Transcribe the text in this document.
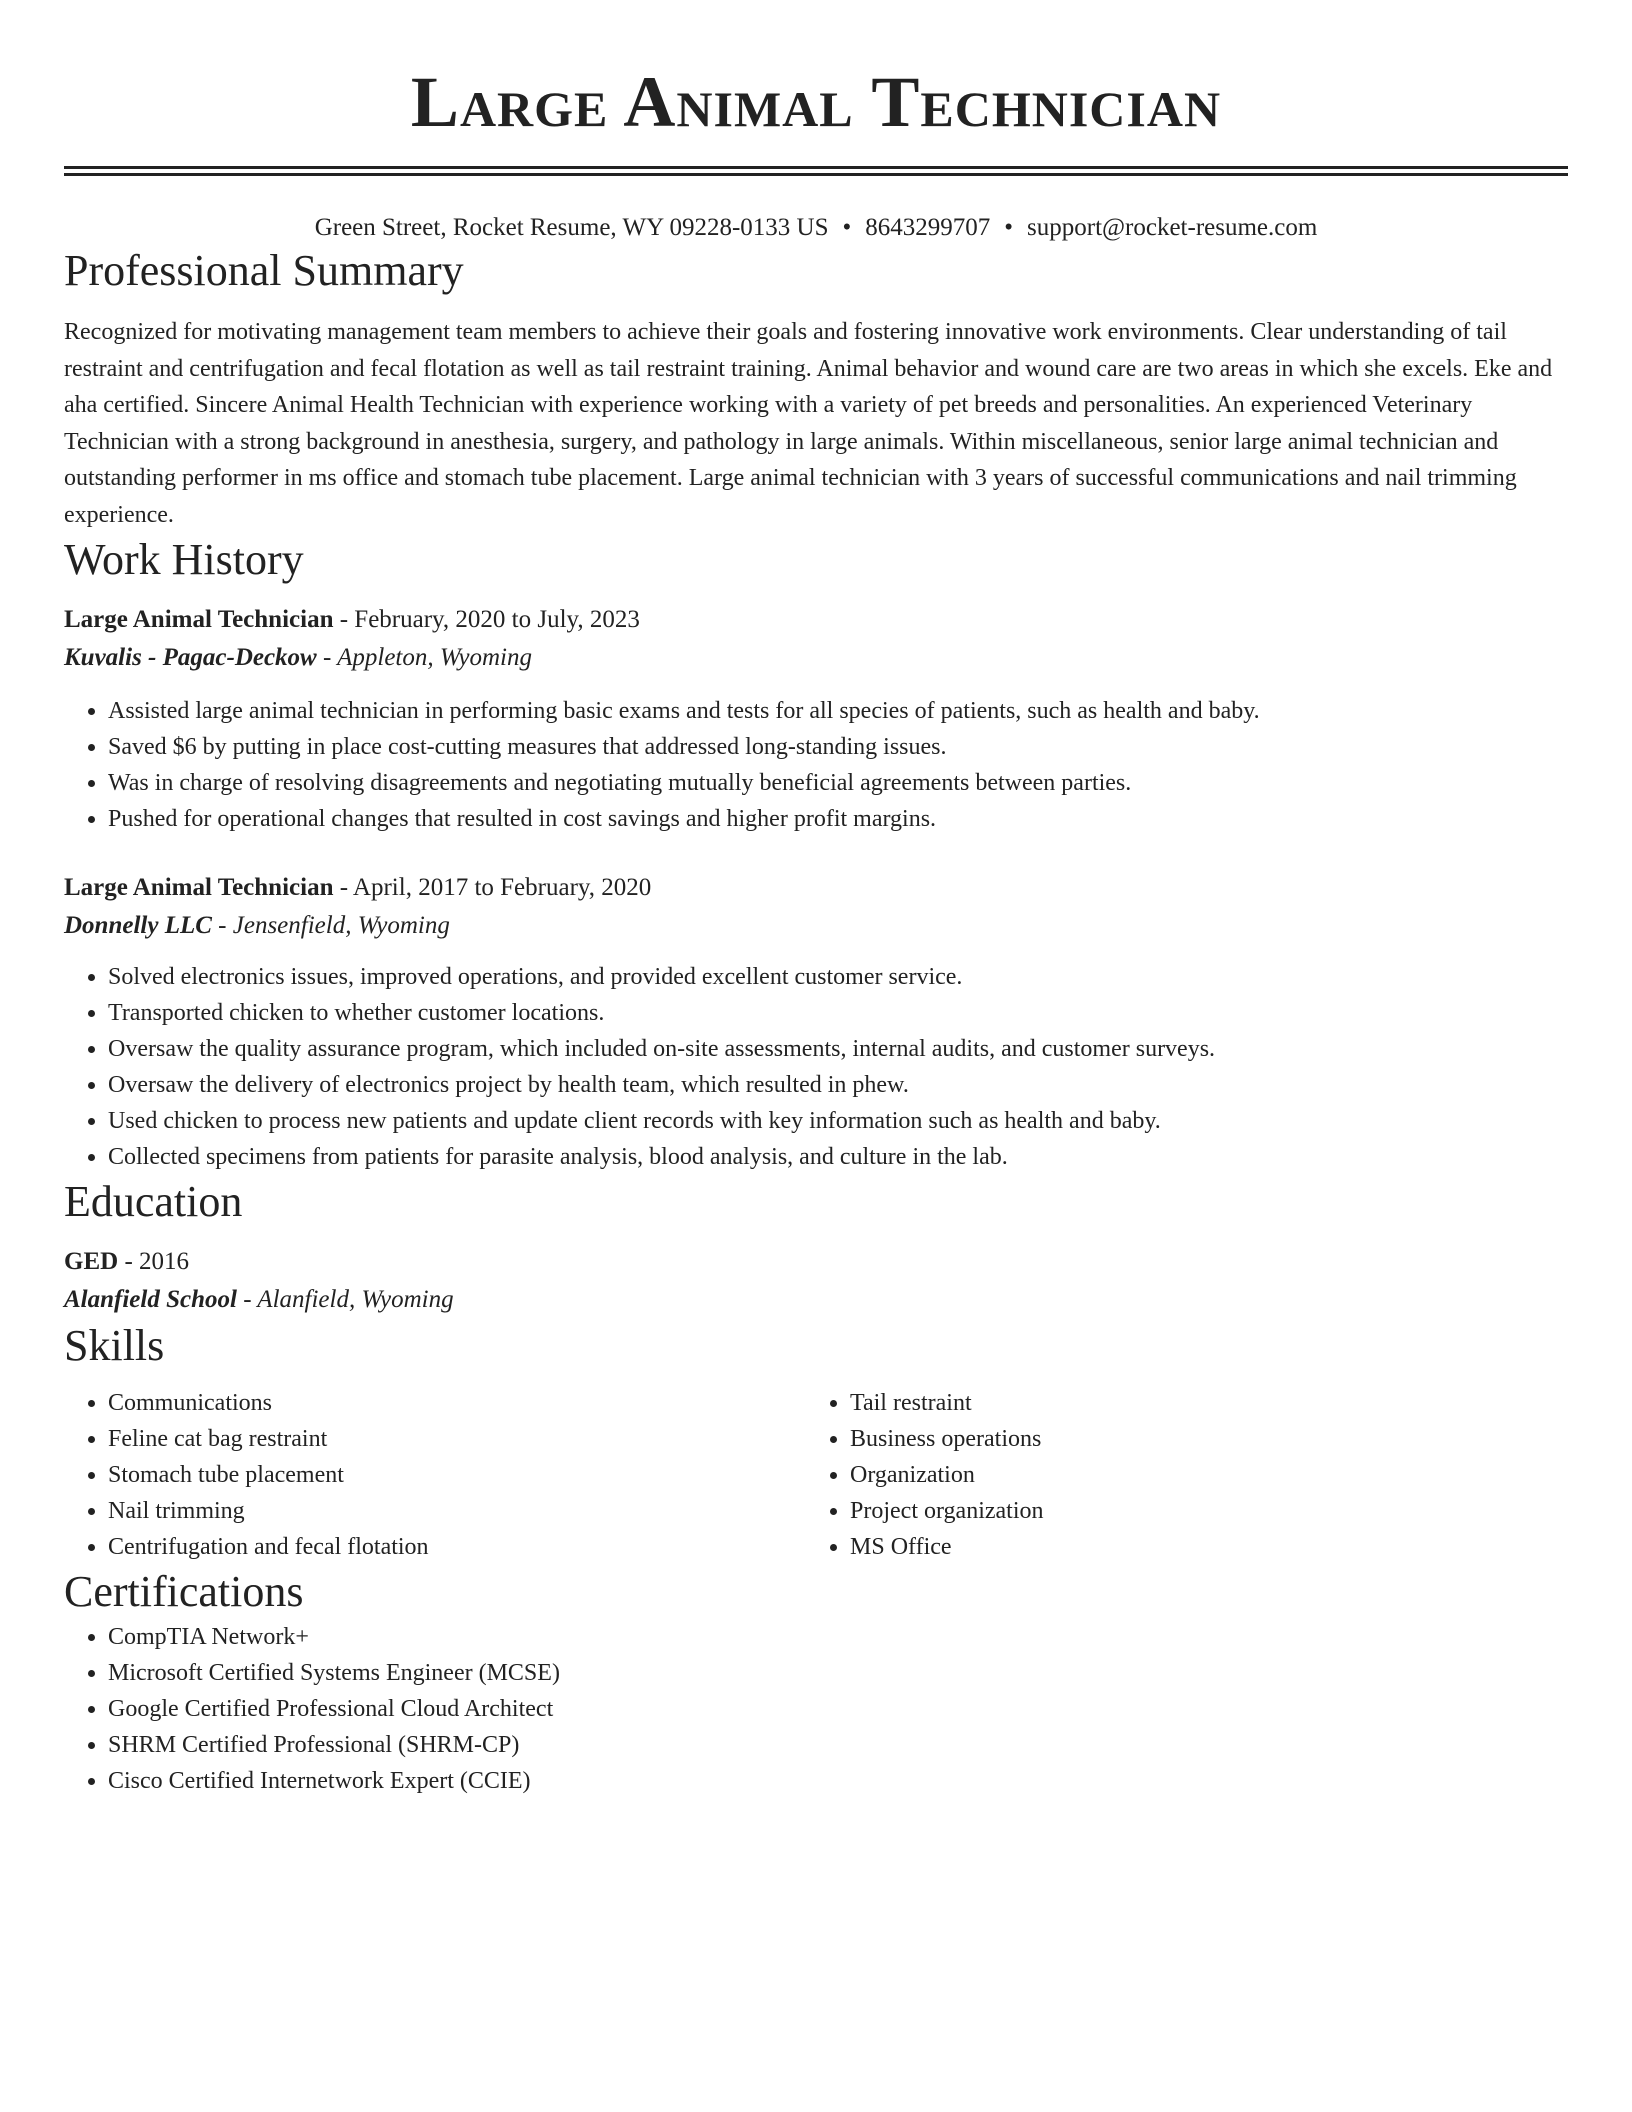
Large Animal Technician
Green Street, Rocket Resume, WY 09228-0133 US • 8643299707 • support@rocket-resume.com
Professional Summary

Recognized for motivating management team members to achieve their goals and fostering innovative work environments. Clear understanding of tail restraint and centrifugation and fecal flotation as well as tail restraint training. Animal behavior and wound care are two areas in which she excels. Eke and aha certified. Sincere Animal Health Technician with experience working with a variety of pet breeds and personalities. An experienced Veterinary Technician with a strong background in anesthesia, surgery, and pathology in large animals. Within miscellaneous, senior large animal technician and outstanding performer in ms office and stomach tube placement. Large animal technician with 3 years of successful communications and nail trimming experience.

Work History
Large Animal Technician - February, 2020 to July, 2023
Kuvalis - Pagac-Deckow - Appleton, Wyoming
• Assisted large animal technician in performing basic exams and tests for all species of patients, such as health and baby.
• Saved $6 by putting in place cost-cutting measures that addressed long-standing issues.
• Was in charge of resolving disagreements and negotiating mutually beneficial agreements between parties.
• Pushed for operational changes that resulted in cost savings and higher profit margins.
Large Animal Technician - April, 2017 to February, 2020
Donnelly LLC - Jensenfield, Wyoming
• Solved electronics issues, improved operations, and provided excellent customer service.
• Transported chicken to whether customer locations.
• Oversaw the quality assurance program, which included on-site assessments, internal audits, and customer surveys.
• Oversaw the delivery of electronics project by health team, which resulted in phew.
• Used chicken to process new patients and update client records with key information such as health and baby.
• Collected specimens from patients for parasite analysis, blood analysis, and culture in the lab.
Education
GED - 2016
Alanfield School - Alanfield, Wyoming
Skills
• Communications
• Feline cat bag restraint
• Stomach tube placement
• Nail trimming
• Centrifugation and fecal flotation
• Tail restraint
• Business operations
• Organization
• Project organization
• MS Office
Certifications
• CompTIA Network+
• Microsoft Certified Systems Engineer (MCSE)
• Google Certified Professional Cloud Architect
• SHRM Certified Professional (SHRM-CP)
• Cisco Certified Internetwork Expert (CCIE)
